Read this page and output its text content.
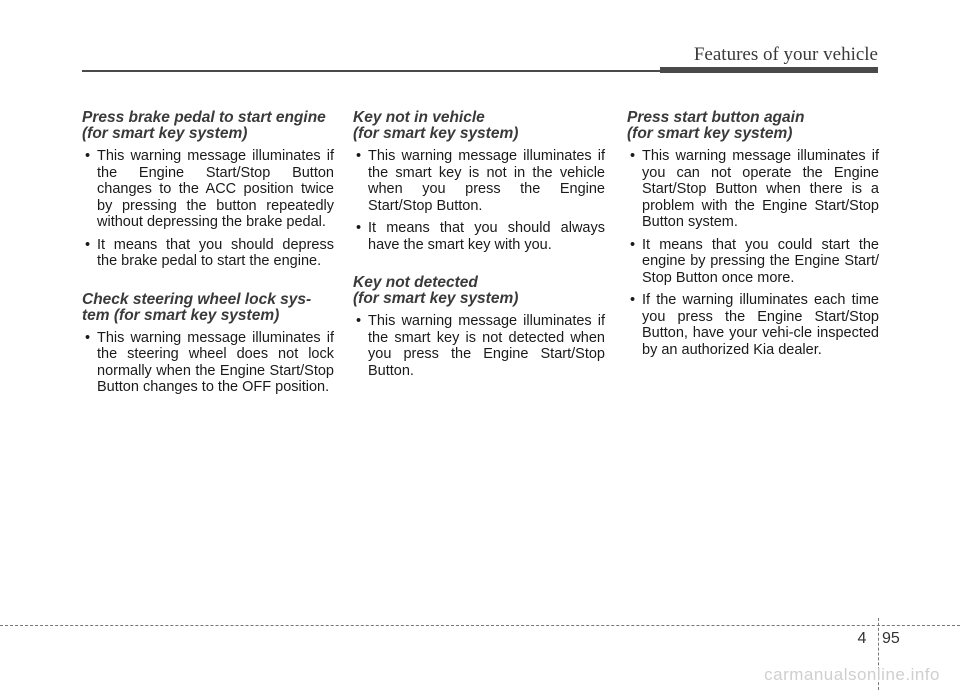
Features of your vehicle
Press brake pedal to start engine
(for smart key system)
• This warning message illuminates if the Engine Start/Stop Button changes to the ACC position twice by pressing the button repeatedly without depressing the brake pedal.
• It means that you should depress the brake pedal to start the engine.
Check steering wheel lock sys-
tem (for smart key system)
• This warning message illuminates if the steering wheel does not lock normally when the Engine Start/Stop Button changes to the OFF position.
Key not in vehicle
(for smart key system)
• This warning message illuminates if the smart key is not in the vehicle when you press the Engine Start/Stop Button.
• It means that you should always have the smart key with you.
Key not detected
(for smart key system)
• This warning message illuminates if the smart key is not detected when you press the Engine Start/Stop Button.
Press start button again
(for smart key system)
• This warning message illuminates if you can not operate the Engine Start/Stop Button when there is a problem with the Engine Start/Stop Button system.
• It means that you could start the engine by pressing the Engine Start/ Stop Button once more.
• If the warning illuminates each time you press the Engine Start/Stop Button, have your vehi-cle inspected by an authorized Kia dealer.
4 95
carmanualsonline.info
